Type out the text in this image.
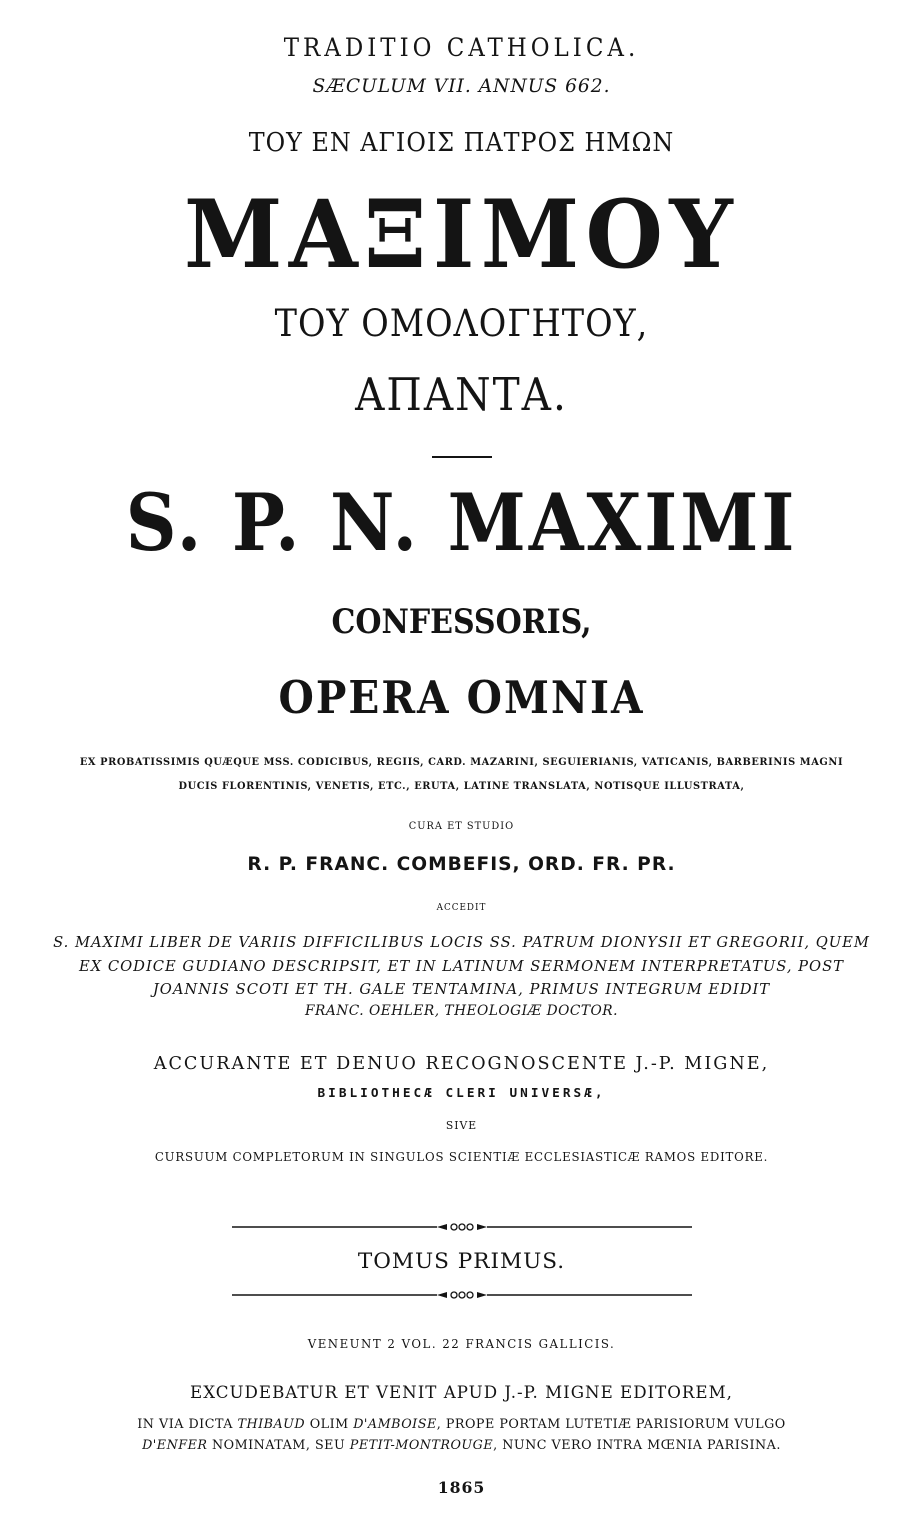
TRADITIO CATHOLICA.
SÆCULUM VII. ANNUS 662.
ΤΟΥ ΕΝ ΑΓΙΟΙΣ ΠΑΤΡΟΣ ΗΜΩΝ
ΜΑΞΙΜΟΥ
ΤΟΥ ΟΜΟΛΟΓΗΤΟΥ,
ΑΠΑΝΤΑ.
S. P. N. MAXIMI
CONFESSORIS,
OPERA OMNIA
EX PROBATISSIMIS QUÆQUE MSS. CODICIBUS, REGIIS, CARD. MAZARINI, SEGUIERIANIS, VATICANIS, BARBERINIS MAGNI
DUCIS FLORENTINIS, VENETIS, ETC., ERUTA, LATINE TRANSLATA, NOTISQUE ILLUSTRATA,
CURA ET STUDIO
R. P. FRANC. COMBEFIS, ORD. FR. PR.
ACCEDIT
S. MAXIMI LIBER DE VARIIS DIFFICILIBUS LOCIS SS. PATRUM DIONYSII ET GREGORII, QUEM
EX CODICE GUDIANO DESCRIPSIT, ET IN LATINUM SERMONEM INTERPRETATUS, POST
JOANNIS SCOTI ET TH. GALE TENTAMINA, PRIMUS INTEGRUM EDIDIT
FRANC. OEHLER, THEOLOGIÆ DOCTOR.
ACCURANTE ET DENUO RECOGNOSCENTE J.-P. MIGNE,
BIBLIOTHECÆ CLERI UNIVERSÆ,
SIVE
CURSUUM COMPLETORUM IN SINGULOS SCIENTIÆ ECCLESIASTICÆ RAMOS EDITORE.
TOMUS PRIMUS.
VENEUNT 2 VOL. 22 FRANCIS GALLICIS.
EXCUDEBATUR ET VENIT APUD J.-P. MIGNE EDITOREM,
IN VIA DICTA THIBAUD OLIM D'AMBOISE, PROPE PORTAM LUTETIÆ PARISIORUM VULGO
D'ENFER NOMINATAM, SEU PETIT-MONTROUGE, NUNC VERO INTRA MŒNIA PARISINA.
1865
